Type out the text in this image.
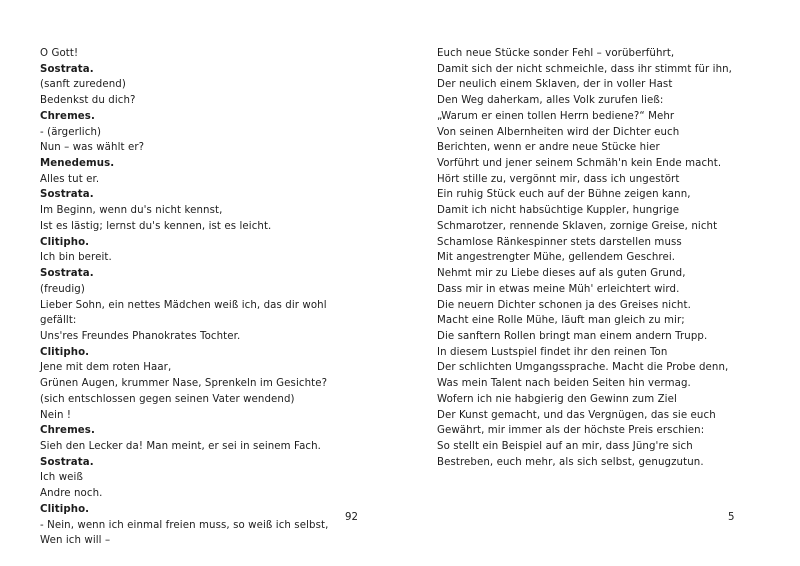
O Gott!
Sostrata.
(sanft zuredend)
Bedenkst du dich?
Chremes.
- (ärgerlich)
Nun – was wählt er?
Menedemus.
Alles tut er.
Sostrata.
Im Beginn, wenn du's nicht kennst,
Ist es lästig; lernst du's kennen, ist es leicht.
Clitipho.
Ich bin bereit.
Sostrata.
(freudig)
Lieber Sohn, ein nettes Mädchen weiß ich, das dir wohl
gefällt:
Uns'res Freundes Phanokrates Tochter.
Clitipho.
Jene mit dem roten Haar,
Grünen Augen, krummer Nase, Sprenkeln im Gesichte?
(sich entschlossen gegen seinen Vater wendend)
Nein !
Chremes.
Sieh den Lecker da! Man meint, er sei in seinem Fach.
Sostrata.
Ich weiß
Andre noch.
Clitipho.
- Nein, wenn ich einmal freien muss, so weiß ich selbst,
Wen ich will –
Euch neue Stücke sonder Fehl – vorüberführt,
Damit sich der nicht schmeichle, dass ihr stimmt für ihn,
Der neulich einem Sklaven, der in voller Hast
Den Weg daherkam, alles Volk zurufen ließ:
„Warum er einen tollen Herrn bediene?“ Mehr
Von seinen Albernheiten wird der Dichter euch
Berichten, wenn er andre neue Stücke hier
Vorführt und jener seinem Schmäh'n kein Ende macht.
Hört stille zu, vergönnt mir, dass ich ungestört
Ein ruhig Stück euch auf der Bühne zeigen kann,
Damit ich nicht habsüchtige Kuppler, hungrige
Schmarotzer, rennende Sklaven, zornige Greise, nicht
Schamlose Ränkespinner stets darstellen muss
Mit angestrengter Mühe, gellendem Geschrei.
Nehmt mir zu Liebe dieses auf als guten Grund,
Dass mir in etwas meine Müh' erleichtert wird.
Die neuern Dichter schonen ja des Greises nicht.
Macht eine Rolle Mühe, läuft man gleich zu mir;
Die sanftern Rollen bringt man einem andern Trupp.
In diesem Lustspiel findet ihr den reinen Ton
Der schlichten Umgangssprache. Macht die Probe denn,
Was mein Talent nach beiden Seiten hin vermag.
Wofern ich nie habgierig den Gewinn zum Ziel
Der Kunst gemacht, und das Vergnügen, das sie euch
Gewährt, mir immer als der höchste Preis erschien:
So stellt ein Beispiel auf an mir, dass Jüng're sich
Bestreben, euch mehr, als sich selbst, genugzutun.
92	5
